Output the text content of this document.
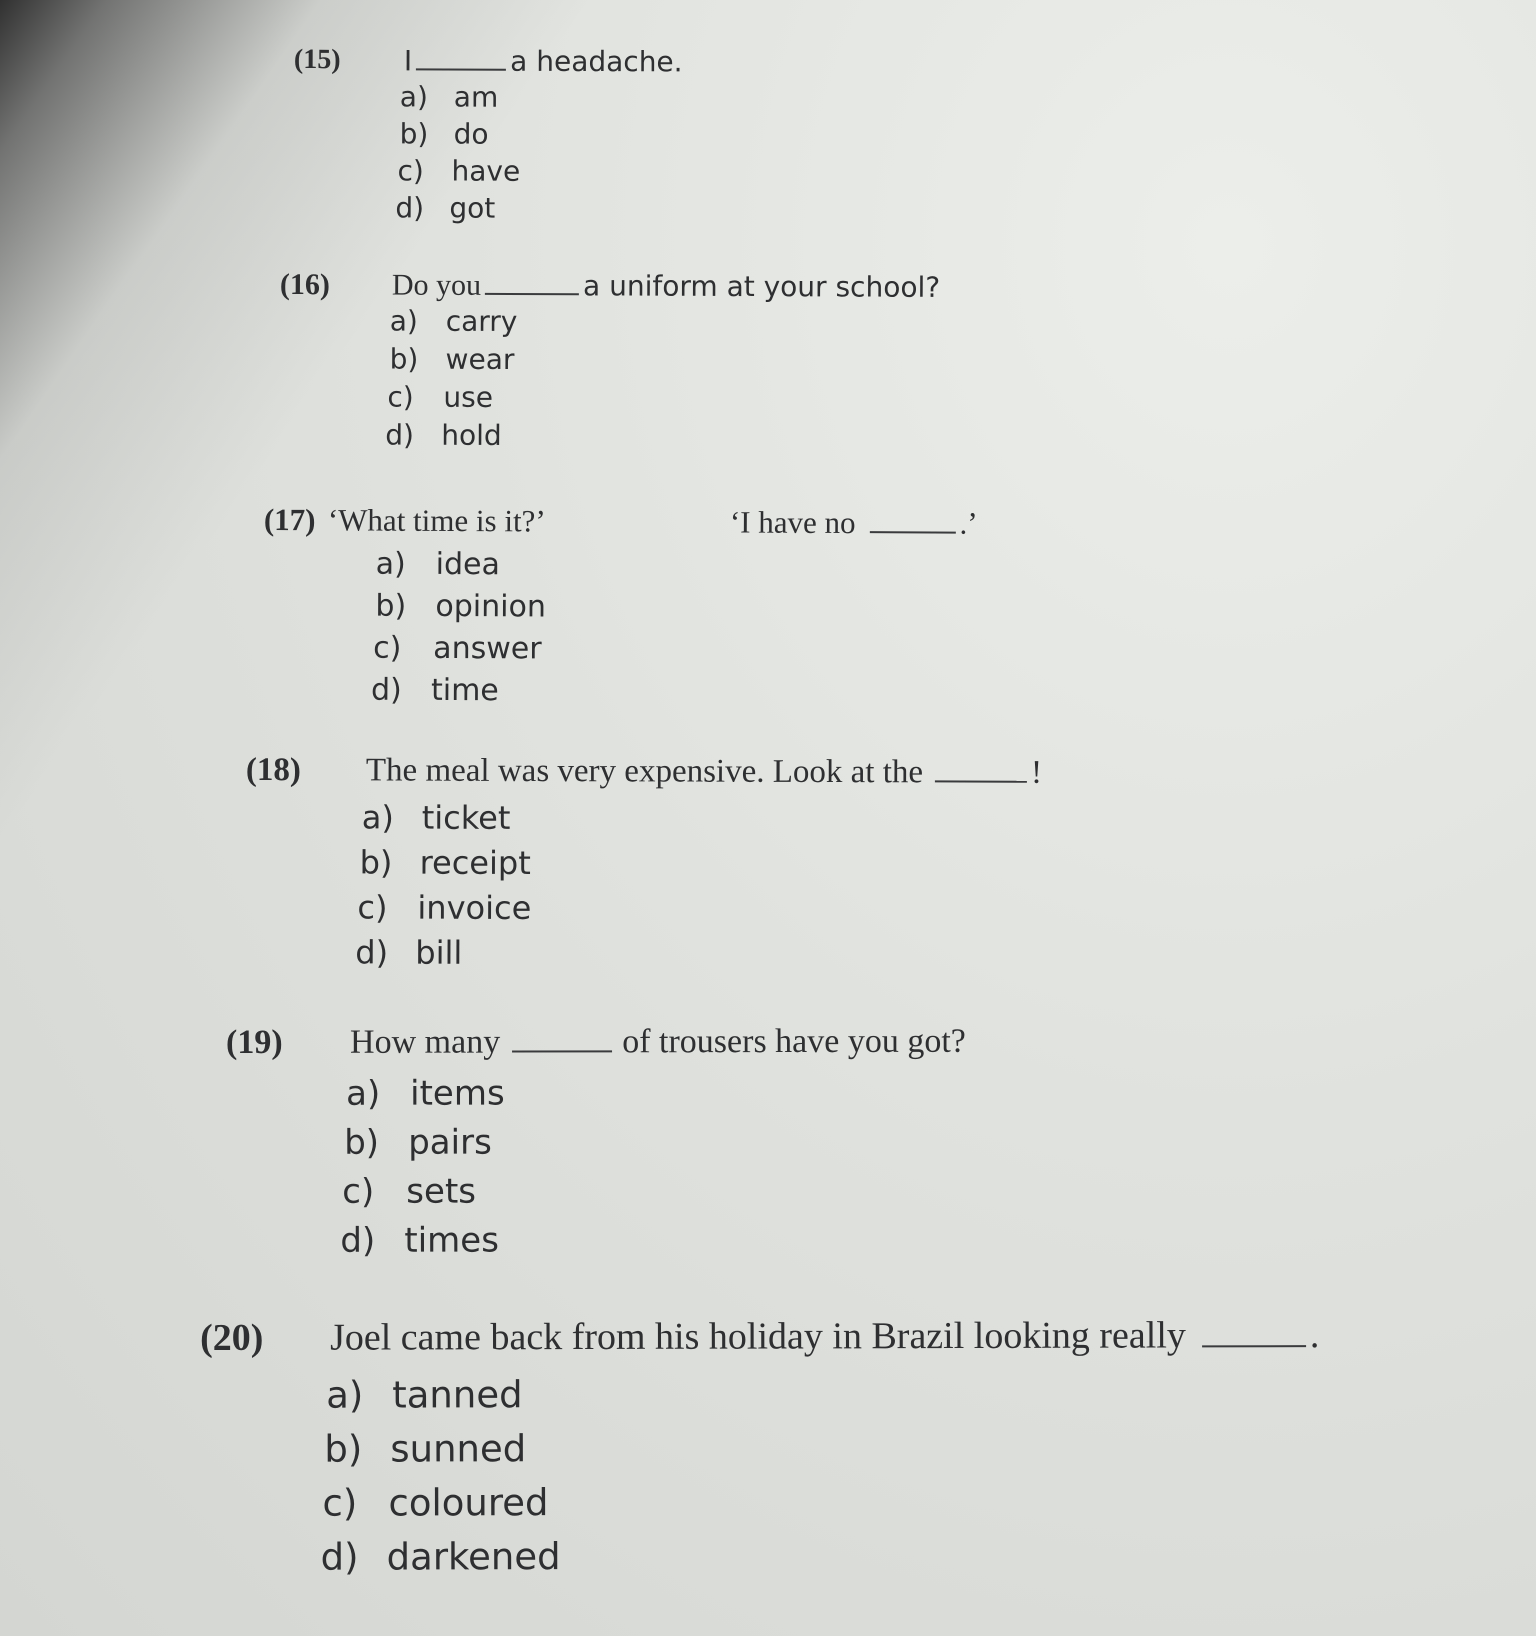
(15) I	a headache.
a) am
b) do
c) have
d) got
(16) Do you	a uniform at your school?
a) carry
b) wear
c) use
d) hold
(17) ‘What time is it?’	‘I have no	.’
a) idea
b) opinion
c) answer
d) time
(18) The meal was very expensive. Look at the	!
a) ticket
b) receipt
c) invoice
d) bill
(19) How many	of trousers have you got?
a) items
b) pairs
c) sets
d) times
(20) Joel came back from his holiday in Brazil looking really	.
a) tanned
b) sunned
c) coloured
d) darkened
